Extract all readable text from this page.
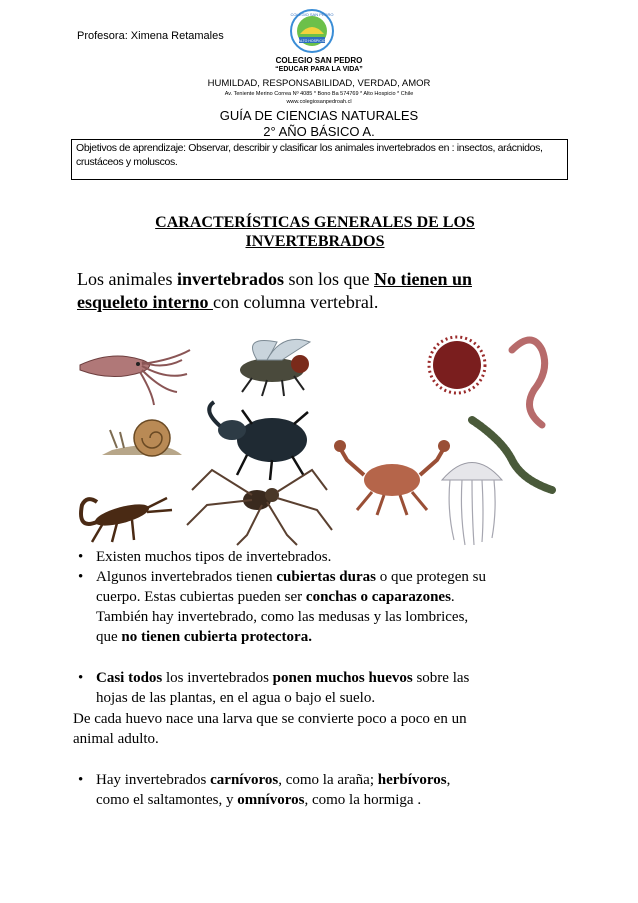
Profesora: Ximena Retamales
COLEGIO SAN PEDRO
ALTO HOSPICIO
COLEGIO SAN PEDRO
“EDUCAR PARA LA VIDA”
HUMILDAD, RESPONSABILIDAD, VERDAD, AMOR
Av. Teniente Merino Correa Nº 4085 * Bono Ba 574769 * Alto Hospicio * Chile
www.colegiosanpedroah.cl
GUÍA DE CIENCIAS NATURALES
2° AÑO BÁSICO A.
Objetivos de aprendizaje: Observar, describir y clasificar los animales invertebrados en : insectos, arácnidos,
crustáceos y moluscos.
CARACTERÍSTICAS GENERALES DE LOS
INVERTEBRADOS
Los animales invertebrados son los que No tienen un
esqueleto interno con columna vertebral.
• Existen muchos tipos de invertebrados.
• Algunos invertebrados tienen cubiertas duras o que protegen su
cuerpo. Estas cubiertas pueden ser conchas o caparazones.
También hay invertebrado, como las medusas y las lombrices,
que no tienen cubierta protectora.
• Casi todos los invertebrados ponen muchos huevos sobre las
hojas de las plantas, en el agua o bajo el suelo.
De cada huevo nace una larva que se convierte poco a poco en un
animal adulto.
• Hay invertebrados carnívoros, como la araña; herbívoros,
como el saltamontes, y omnívoros, como la hormiga .
